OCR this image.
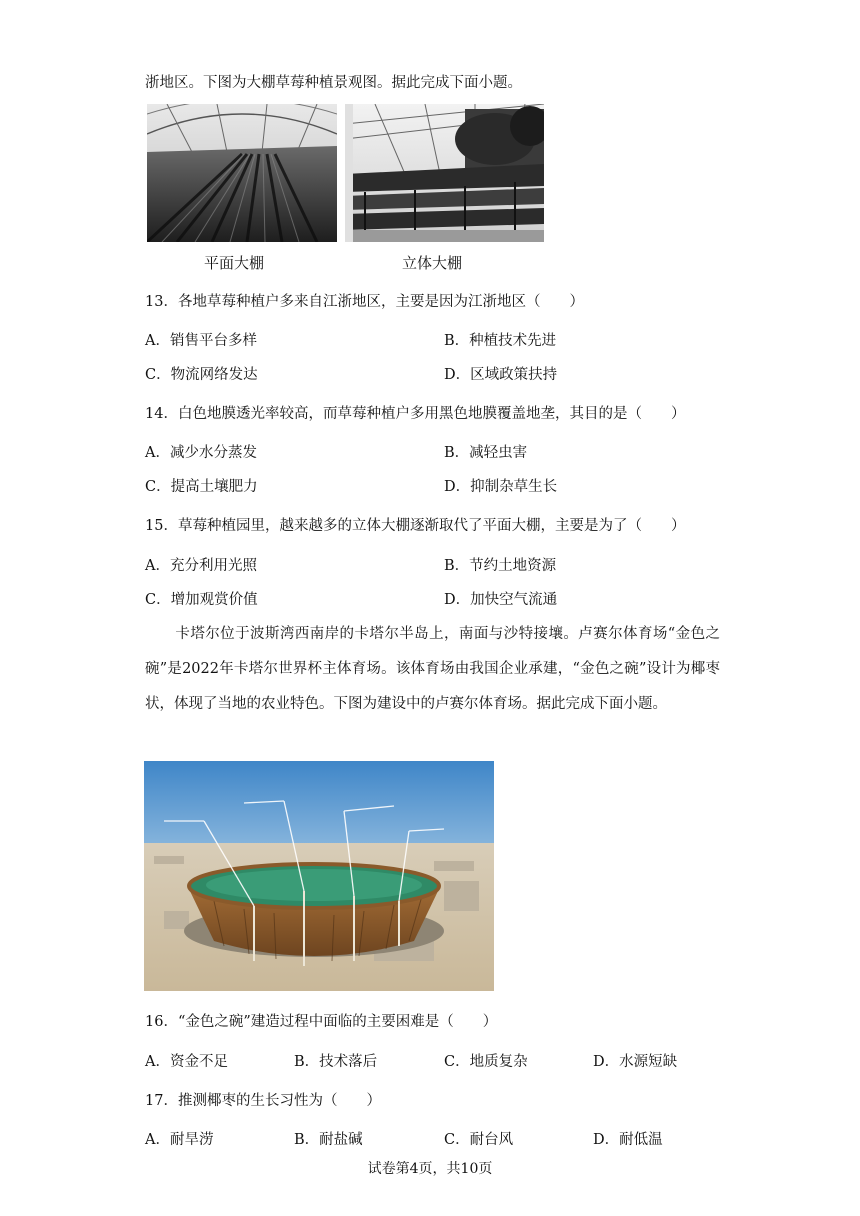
浙地区。下图为大棚草莓种植景观图。据此完成下面小题。
平面大棚	立体大棚
13．各地草莓种植户多来自江浙地区，主要是因为江浙地区（　　）
A．销售平台多样	B．种植技术先进
C．物流网络发达	D．区域政策扶持
14．白色地膜透光率较高，而草莓种植户多用黑色地膜覆盖地垄，其目的是（　　）
A．减少水分蒸发	B．减轻虫害
C．提高土壤肥力	D．抑制杂草生长
15．草莓种植园里，越来越多的立体大棚逐渐取代了平面大棚，主要是为了（　　）
A．充分利用光照	B．节约土地资源
C．增加观赏价值	D．加快空气流通
卡塔尔位于波斯湾西南岸的卡塔尔半岛上，南面与沙特接壤。卢赛尔体育场“金色之碗”是2022年卡塔尔世界杯主体育场。该体育场由我国企业承建，“金色之碗”设计为椰枣状，体现了当地的农业特色。下图为建设中的卢赛尔体育场。据此完成下面小题。
16．“金色之碗”建造过程中面临的主要困难是（　　）
A．资金不足	B．技术落后	C．地质复杂	D．水源短缺
17．推测椰枣的生长习性为（　　）
A．耐旱涝	B．耐盐碱	C．耐台风	D．耐低温
试卷第4页，共10页
